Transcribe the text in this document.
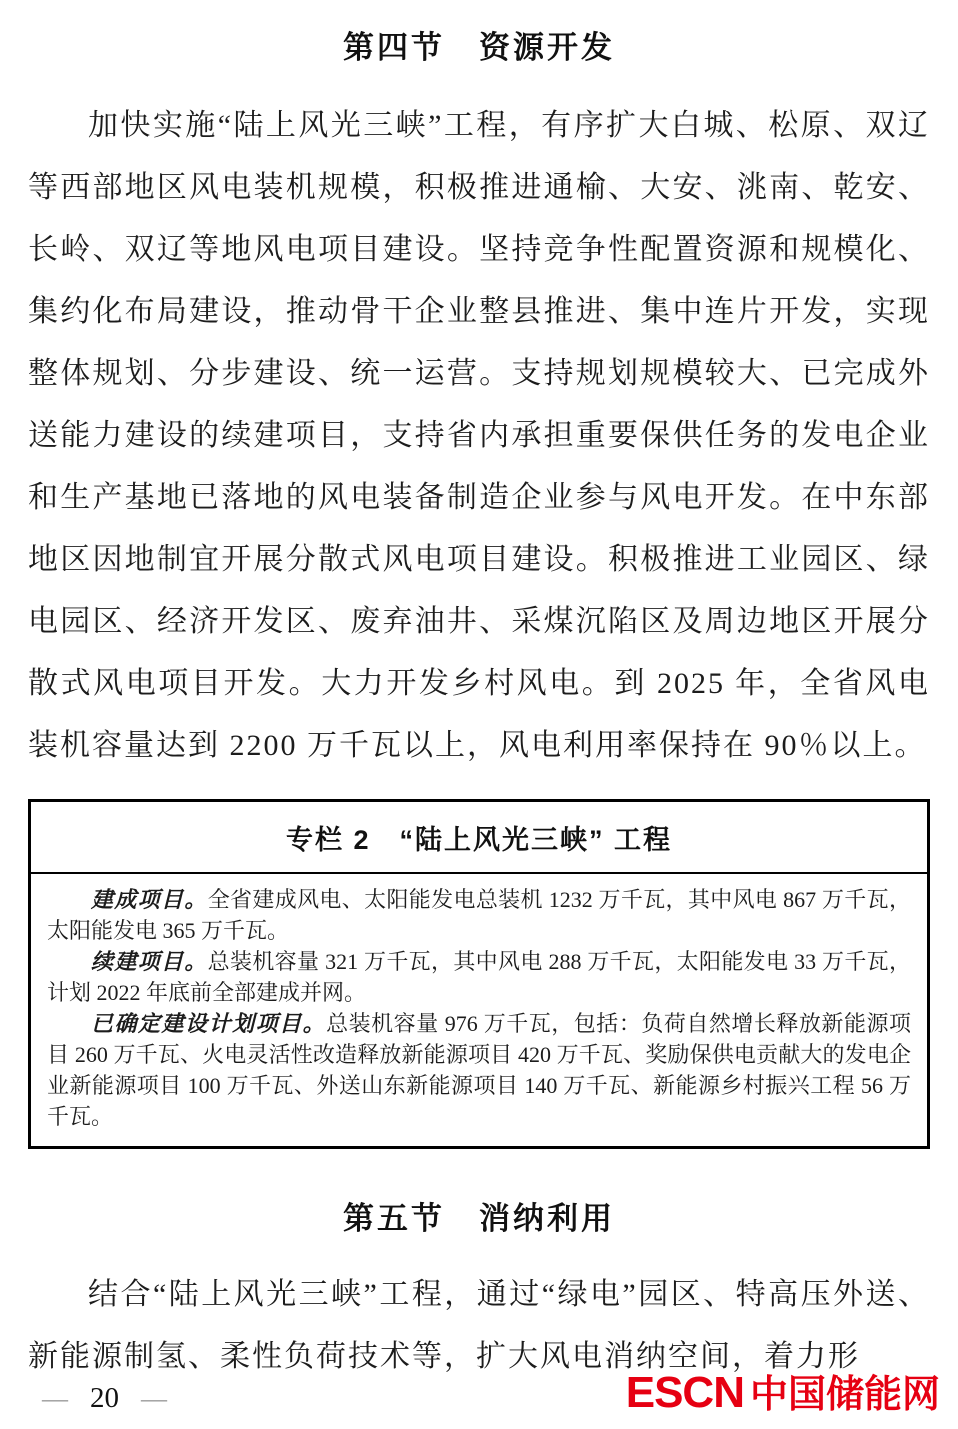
第四节　资源开发

加快实施“陆上风光三峡”工程，有序扩大白城、松原、双辽等西部地区风电装机规模，积极推进通榆、大安、洮南、乾安、长岭、双辽等地风电项目建设。坚持竞争性配置资源和规模化、集约化布局建设，推动骨干企业整县推进、集中连片开发，实现整体规划、分步建设、统一运营。支持规划规模较大、已完成外送能力建设的续建项目，支持省内承担重要保供任务的发电企业和生产基地已落地的风电装备制造企业参与风电开发。在中东部地区因地制宜开展分散式风电项目建设。积极推进工业园区、绿电园区、经济开发区、废弃油井、采煤沉陷区及周边地区开展分散式风电项目开发。大力开发乡村风电。到 2025 年，全省风电装机容量达到 2200 万千瓦以上，风电利用率保持在 90％以上。

专栏 2　“陆上风光三峡” 工程

建成项目。全省建成风电、太阳能发电总装机 1232 万千瓦，其中风电 867 万千瓦，太阳能发电 365 万千瓦。

续建项目。总装机容量 321 万千瓦，其中风电 288 万千瓦，太阳能发电 33 万千瓦，计划 2022 年底前全部建成并网。

已确定建设计划项目。总装机容量 976 万千瓦，包括：负荷自然增长释放新能源项目 260 万千瓦、火电灵活性改造释放新能源项目 420 万千瓦、奖励保供电贡献大的发电企业新能源项目 100 万千瓦、外送山东新能源项目 140 万千瓦、新能源乡村振兴工程 56 万千瓦。

第五节　消纳利用

结合“陆上风光三峡”工程，通过“绿电”园区、特高压外送、新能源制氢、柔性负荷技术等，扩大风电消纳空间，着力形

— 20 —	ESCN 中国储能网
